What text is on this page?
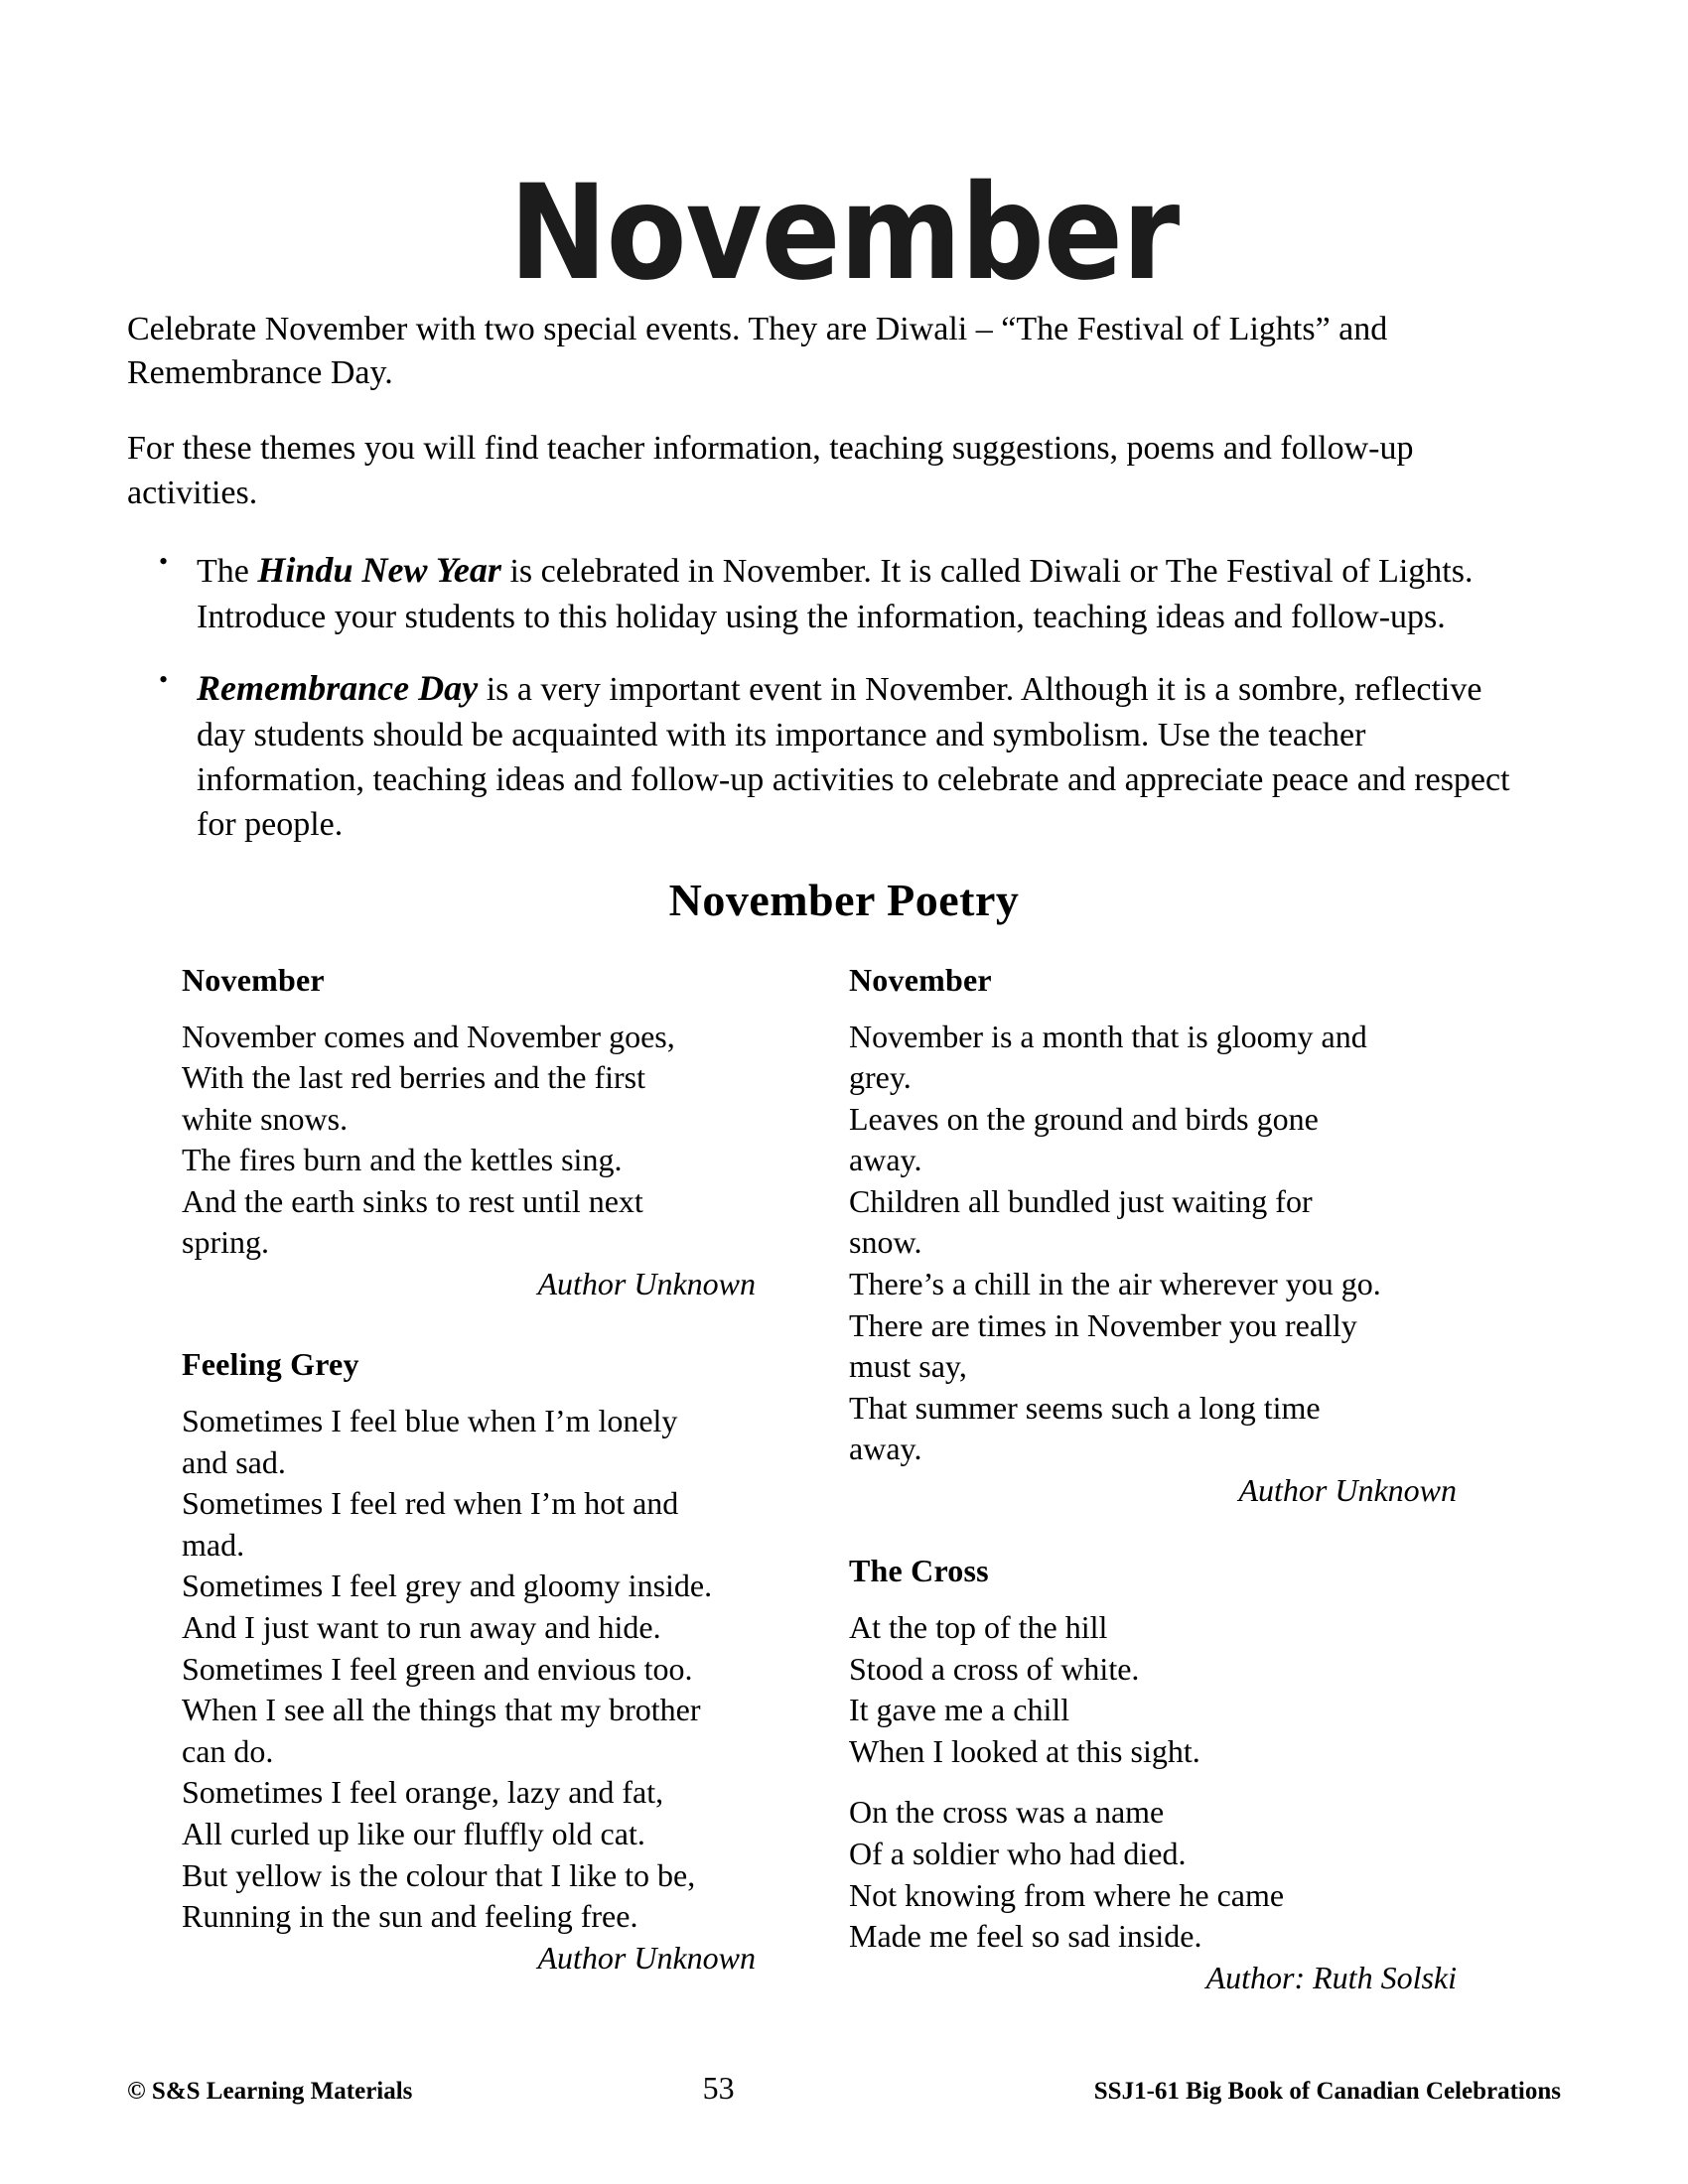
November

Celebrate November with two special events. They are Diwali – “The Festival of Lights” and Remembrance Day.

For these themes you will find teacher information, teaching suggestions, poems and follow-up activities.

• The Hindu New Year is celebrated in November. It is called Diwali or The Festival of Lights. Introduce your students to this holiday using the information, teaching ideas and follow-ups.
• Remembrance Day is a very important event in November. Although it is a sombre, reflective day students should be acquainted with its importance and symbolism. Use the teacher information, teaching ideas and follow-up activities to celebrate and appreciate peace and respect for people.
November Poetry
November
November comes and November goes,
With the last red berries and the first
white snows.
The fires burn and the kettles sing.
And the earth sinks to rest until next
spring.
Author Unknown
Feeling Grey
Sometimes I feel blue when I’m lonely
and sad.
Sometimes I feel red when I’m hot and
mad.
Sometimes I feel grey and gloomy inside.
And I just want to run away and hide.
Sometimes I feel green and envious too.
When I see all the things that my brother
can do.
Sometimes I feel orange, lazy and fat,
All curled up like our fluffly old cat.
But yellow is the colour that I like to be,
Running in the sun and feeling free.
Author Unknown
November
November is a month that is gloomy and
grey.
Leaves on the ground and birds gone
away.
Children all bundled just waiting for
snow.
There’s a chill in the air wherever you go.
There are times in November you really
must say,
That summer seems such a long time
away.
Author Unknown
The Cross
At the top of the hill
Stood a cross of white.
It gave me a chill
When I looked at this sight.
On the cross was a name
Of a soldier who had died.
Not knowing from where he came
Made me feel so sad inside.
Author: Ruth Solski
© S&S Learning Materials	53	SSJ1-61 Big Book of Canadian Celebrations
